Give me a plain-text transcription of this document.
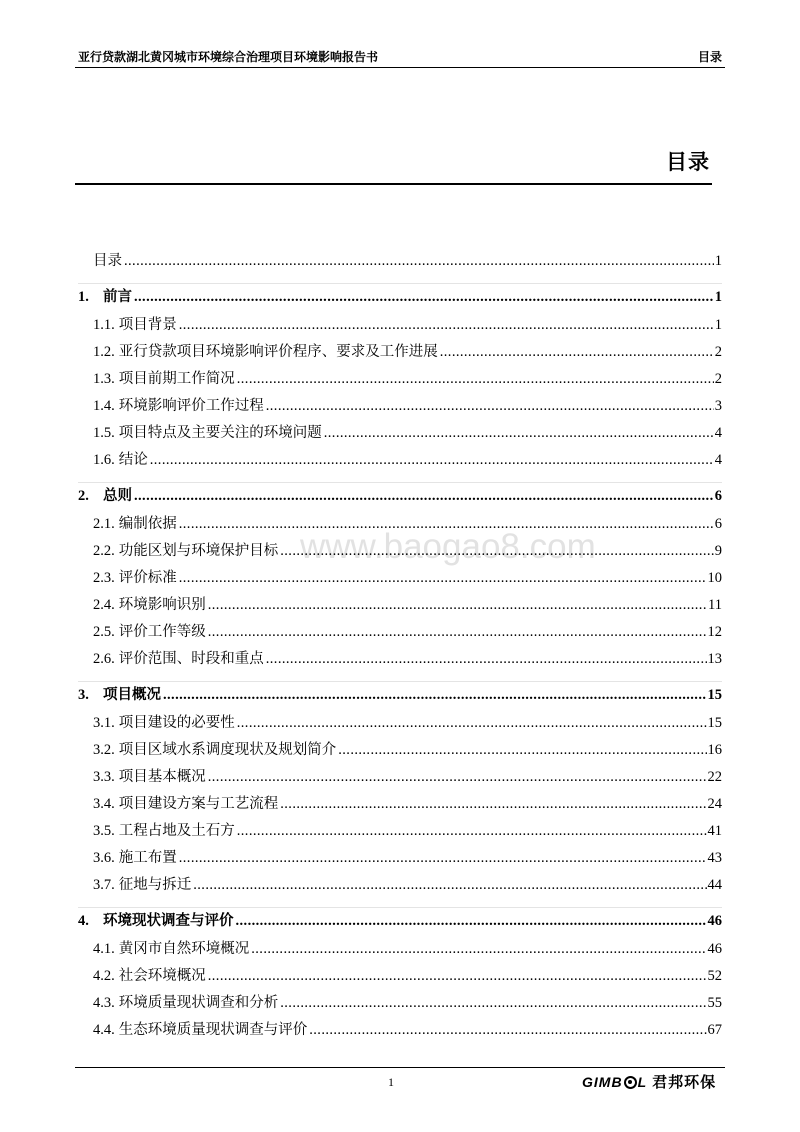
亚行贷款湖北黄冈城市环境综合治理项目环境影响报告书	目录
目录
www.baogao8.com
目录 .....	1
1. 前言 .....	1
1.1. 项目背景 .....	1
1.2. 亚行贷款项目环境影响评价程序、要求及工作进展 .....	2
1.3. 项目前期工作简况 .....	2
1.4. 环境影响评价工作过程 .....	3
1.5. 项目特点及主要关注的环境问题 .....	4
1.6. 结论 .....	4
2. 总则 .....	6
2.1. 编制依据 .....	6
2.2. 功能区划与环境保护目标 .....	9
2.3. 评价标准 .....	10
2.4. 环境影响识别 .....	11
2.5. 评价工作等级 .....	12
2.6. 评价范围、时段和重点 .....	13
3. 项目概况 .....	15
3.1. 项目建设的必要性 .....	15
3.2. 项目区域水系调度现状及规划简介 .....	16
3.3. 项目基本概况 .....	22
3.4. 项目建设方案与工艺流程 .....	24
3.5. 工程占地及土石方 .....	41
3.6. 施工布置 .....	43
3.7. 征地与拆迁 .....	44
4. 环境现状调查与评价 .....	46
4.1. 黄冈市自然环境概况 .....	46
4.2. 社会环境概况 .....	52
4.3. 环境质量现状调查和分析 .....	55
4.4. 生态环境质量现状调查与评价 .....	67
1	GIMB L 君邦环保
